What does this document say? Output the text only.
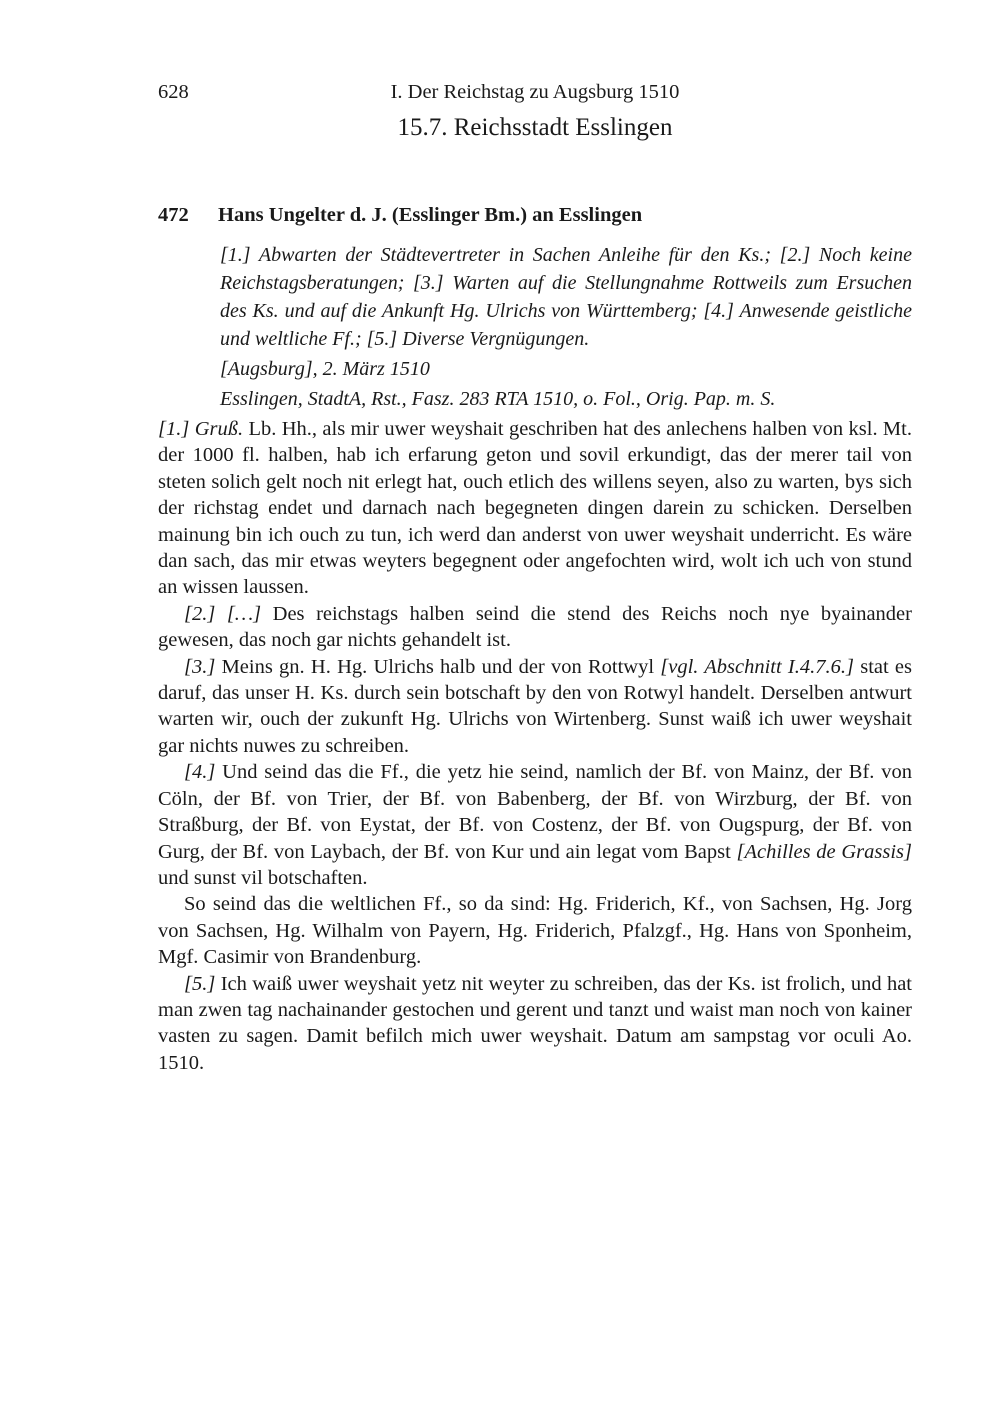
628	I. Der Reichstag zu Augsburg 1510
15.7. Reichsstadt Esslingen
472 Hans Ungelter d. J. (Esslinger Bm.) an Esslingen

[1.] Abwarten der Städtevertreter in Sachen Anleihe für den Ks.; [2.] Noch keine Reichstagsberatungen; [3.] Warten auf die Stellungnahme Rottweils zum Ersuchen des Ks. und auf die Ankunft Hg. Ulrichs von Württemberg; [4.] Anwesende geistliche und weltliche Ff.; [5.] Diverse Vergnügungen.

[Augsburg], 2. März 1510

Esslingen, StadtA, Rst., Fasz. 283 RTA 1510, o. Fol., Orig. Pap. m. S.

[1.] Gruß. Lb. Hh., als mir uwer weyshait geschriben hat des anlechens halben von ksl. Mt. der 1000 fl. halben, hab ich erfarung geton und sovil erkundigt, das der merer tail von steten solich gelt noch nit erlegt hat, ouch etlich des willens seyen, also zu warten, bys sich der richstag endet und darnach nach begegneten dingen darein zu schicken. Derselben mainung bin ich ouch zu tun, ich werd dan anderst von uwer weyshait underricht. Es wäre dan sach, das mir etwas weyters begegnent oder angefochten wird, wolt ich uch von stund an wissen laussen.

[2.] […] Des reichstags halben seind die stend des Reichs noch nye byainander gewesen, das noch gar nichts gehandelt ist.

[3.] Meins gn. H. Hg. Ulrichs halb und der von Rottwyl [vgl. Abschnitt I.4.7.6.] stat es daruf, das unser H. Ks. durch sein botschaft by den von Rotwyl handelt. Derselben antwurt warten wir, ouch der zukunft Hg. Ulrichs von Wirtenberg. Sunst waiß ich uwer weyshait gar nichts nuwes zu schreiben.

[4.] Und seind das die Ff., die yetz hie seind, namlich der Bf. von Mainz, der Bf. von Cöln, der Bf. von Trier, der Bf. von Babenberg, der Bf. von Wirzburg, der Bf. von Straßburg, der Bf. von Eystat, der Bf. von Costenz, der Bf. von Ougspurg, der Bf. von Gurg, der Bf. von Laybach, der Bf. von Kur und ain legat vom Bapst [Achilles de Grassis] und sunst vil botschaften.

So seind das die weltlichen Ff., so da sind: Hg. Friderich, Kf., von Sachsen, Hg. Jorg von Sachsen, Hg. Wilhalm von Payern, Hg. Friderich, Pfalzgf., Hg. Hans von Sponheim, Mgf. Casimir von Brandenburg.

[5.] Ich waiß uwer weyshait yetz nit weyter zu schreiben, das der Ks. ist frolich, und hat man zwen tag nachainander gestochen und gerent und tanzt und waist man noch von kainer vasten zu sagen. Damit befilch mich uwer weyshait. Datum am sampstag vor oculi Ao. 1510.
